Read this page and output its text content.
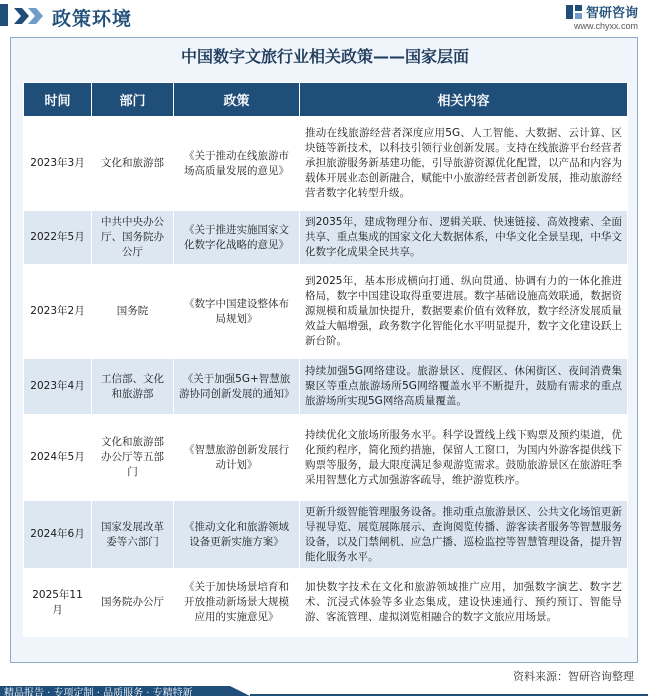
政策环境	智研咨询
www.chyxx.com
中国数字文旅行业相关政策——国家层面
时间	部门	政策	相关内容
2023年3月	文化和旅游部	《关于推动在线旅游市场高质量发展的意见》	推动在线旅游经营者深度应用5G、人工智能、大数据、云计算、区块链等新技术，以科技引领行业创新发展。支持在线旅游平台经营者承担旅游服务新基建功能，引导旅游资源优化配置，以产品和内容为载体开展业态创新融合，赋能中小旅游经营者创新发展，推动旅游经营者数字化转型升级。
2022年5月	中共中央办公厅、国务院办公厅	《关于推进实施国家文化数字化战略的意见》	到2035年，建成物理分布、逻辑关联、快速链接、高效搜索、全面共享、重点集成的国家文化大数据体系，中华文化全景呈现，中华文化数字化成果全民共享。
2023年2月	国务院	《数字中国建设整体布局规划》	到2025年，基本形成横向打通、纵向贯通、协调有力的一体化推进格局，数字中国建设取得重要进展。数字基础设施高效联通，数据资源规模和质量加快提升，数据要素价值有效释放，数字经济发展质量效益大幅增强，政务数字化智能化水平明显提升，数字文化建设跃上新台阶。
2023年4月	工信部、文化和旅游部	《关于加强5G+智慧旅游协同创新发展的通知》	持续加强5G网络建设。旅游景区、度假区、休闲街区、夜间消费集聚区等重点旅游场所5G网络覆盖水平不断提升，鼓励有需求的重点旅游场所实现5G网络高质量覆盖。
2024年5月	文化和旅游部办公厅等五部门	《智慧旅游创新发展行动计划》	持续优化文旅场所服务水平。科学设置线上线下购票及预约渠道，优化预约程序，简化预约措施，保留人工窗口，为国内外游客提供线下购票等服务，最大限度满足参观游览需求。鼓励旅游景区在旅游旺季采用智慧化方式加强游客疏导，维护游览秩序。
2024年6月	国家发展改革委等六部门	《推动文化和旅游领域设备更新实施方案》	更新升级智能管理服务设备。推动重点旅游景区、公共文化场馆更新导视导览、展览展陈展示、查询阅览传播、游客读者服务等智慧服务设备，以及门禁闸机、应急广播、巡检监控等智慧管理设备，提升智能化服务水平。
2025年11月	国务院办公厅	《关于加快场景培育和开放推动新场景大规模应用的实施意见》	加快数字技术在文化和旅游领域推广应用，加强数字演艺、数字艺术、沉浸式体验等多业态集成，建设快速通行、预约预订、智能导游、客流管理、虚拟浏览相融合的数字文旅应用场景。
精品报告 · 专项定制 · 品质服务 · 专精特新
资料来源：智研咨询整理
